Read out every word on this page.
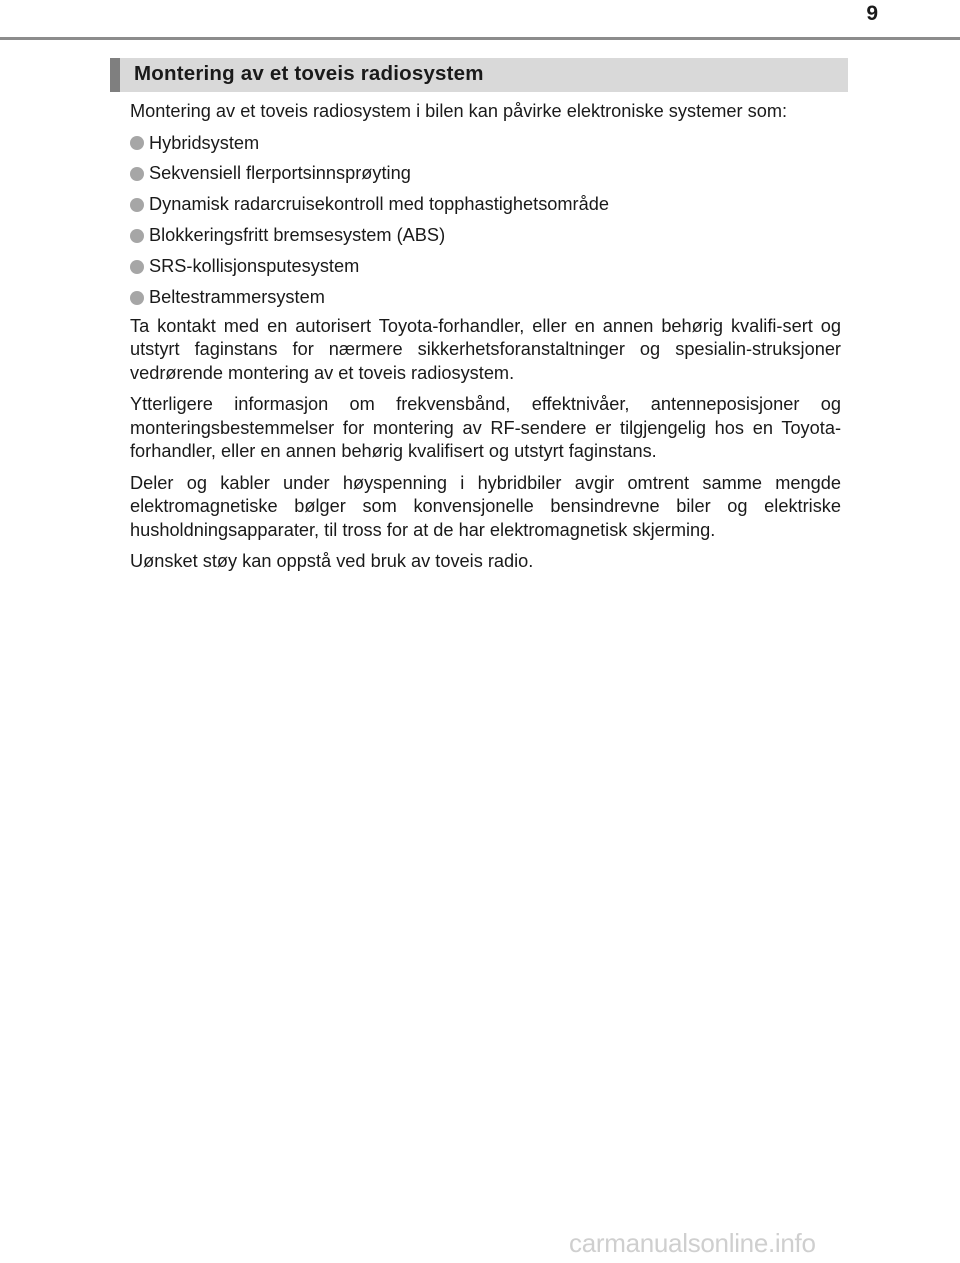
9
Montering av et toveis radiosystem

Montering av et toveis radiosystem i bilen kan påvirke elektroniske systemer som:

Hybridsystem
Sekvensiell flerportsinnsprøyting
Dynamisk radarcruisekontroll med topphastighetsområde
Blokkeringsfritt bremsesystem (ABS)
SRS-kollisjonsputesystem
Beltestrammersystem

Ta kontakt med en autorisert Toyota-forhandler, eller en annen behørig kvalifi-sert og utstyrt faginstans for nærmere sikkerhetsforanstaltninger og spesialin-struksjoner vedrørende montering av et toveis radiosystem.

Ytterligere informasjon om frekvensbånd, effektnivåer, antenneposisjoner og monteringsbestemmelser for montering av RF-sendere er tilgjengelig hos en Toyota-forhandler, eller en annen behørig kvalifisert og utstyrt faginstans.

Deler og kabler under høyspenning i hybridbiler avgir omtrent samme mengde elektromagnetiske bølger som konvensjonelle bensindrevne biler og elektriske husholdningsapparater, til tross for at de har elektromagnetisk skjerming.

Uønsket støy kan oppstå ved bruk av toveis radio.

carmanualsonline.info
